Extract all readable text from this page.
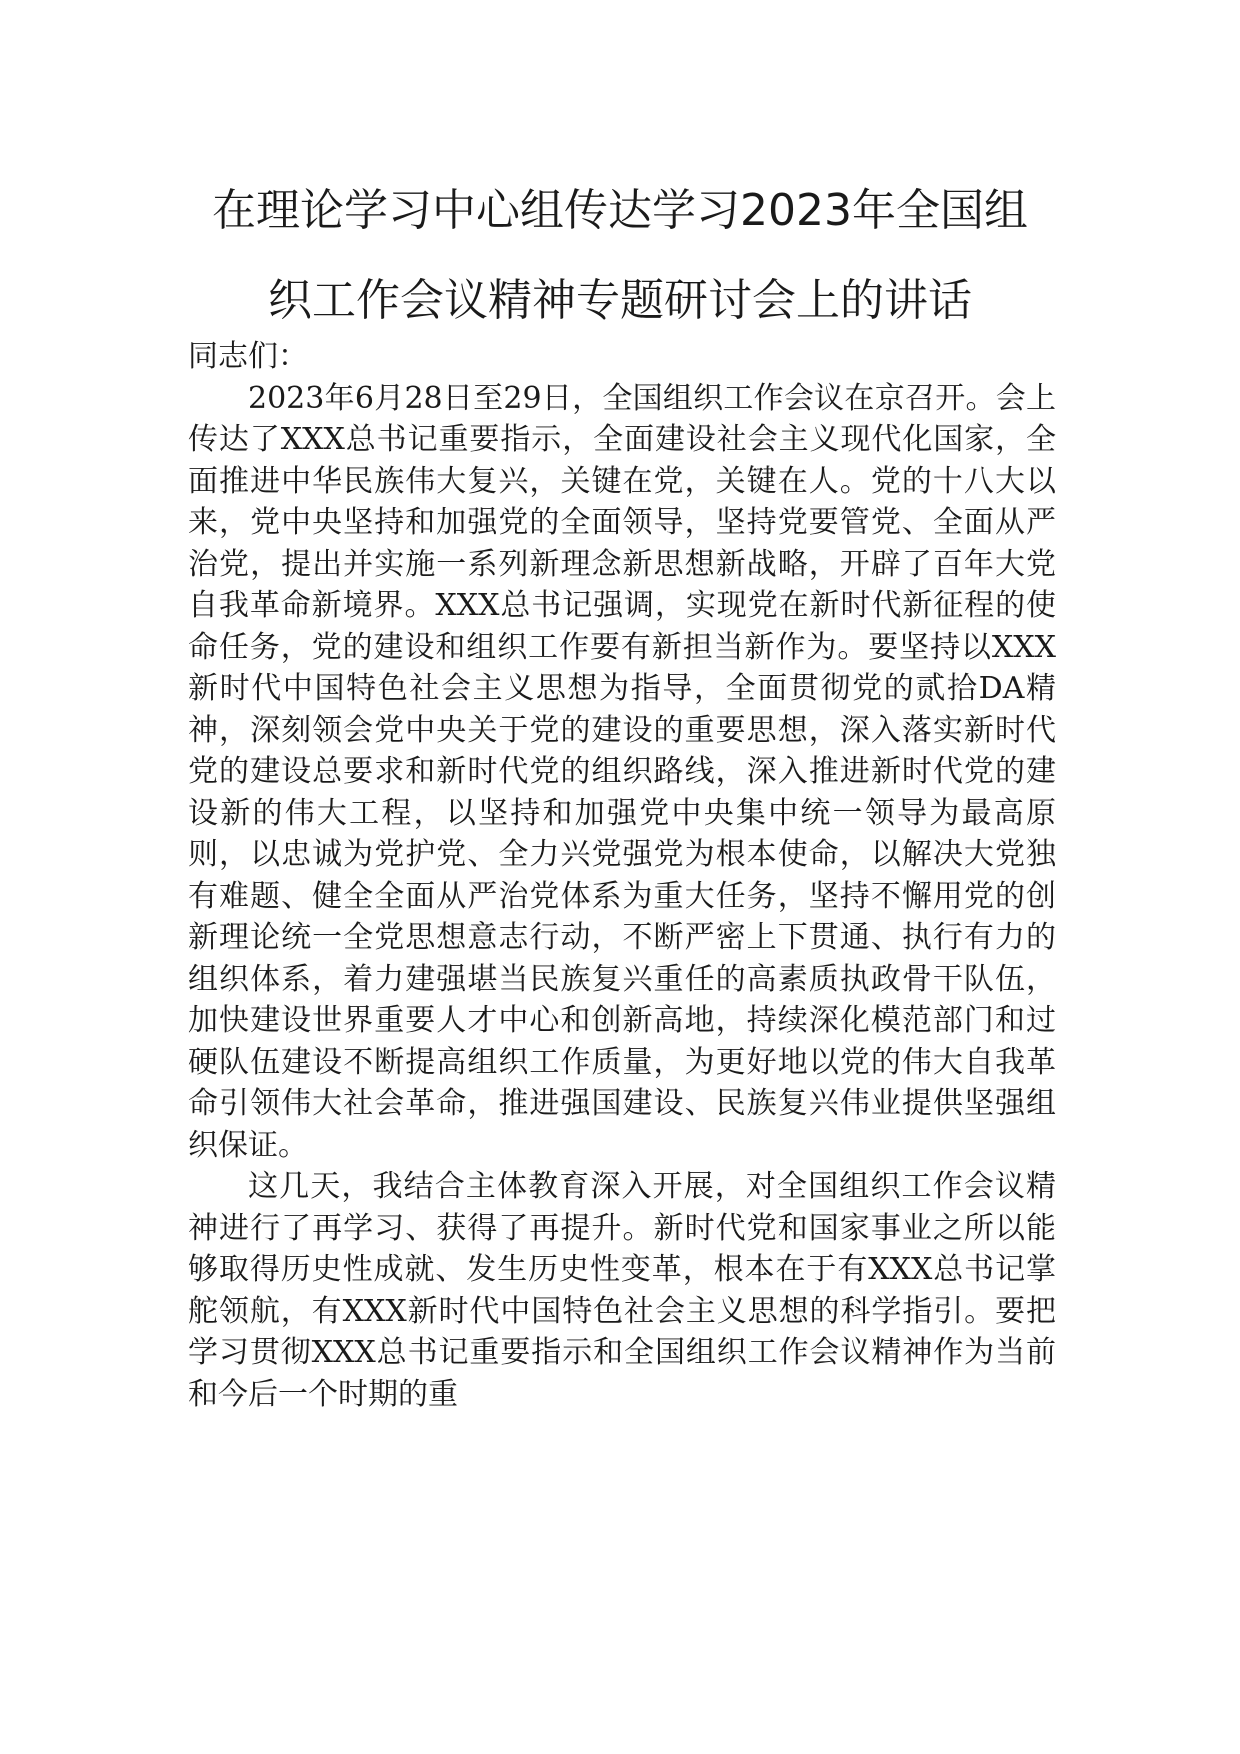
在理论学习中心组传达学习2023年全国组
织工作会议精神专题研讨会上的讲话

同志们：

2023年6月28日至29日，全国组织工作会议在京召开。会上传达了XXX总书记重要指示，全面建设社会主义现代化国家，全面推进中华民族伟大复兴，关键在党，关键在人。党的十八大以来，党中央坚持和加强党的全面领导，坚持党要管党、全面从严治党，提出并实施一系列新理念新思想新战略，开辟了百年大党自我革命新境界。XXX总书记强调，实现党在新时代新征程的使命任务，党的建设和组织工作要有新担当新作为。要坚持以XXX新时代中国特色社会主义思想为指导，全面贯彻党的贰拾DA精神，深刻领会党中央关于党的建设的重要思想，深入落实新时代党的建设总要求和新时代党的组织路线，深入推进新时代党的建设新的伟大工程，以坚持和加强党中央集中统一领导为最高原则，以忠诚为党护党、全力兴党强党为根本使命，以解决大党独有难题、健全全面从严治党体系为重大任务，坚持不懈用党的创新理论统一全党思想意志行动，不断严密上下贯通、执行有力的组织体系，着力建强堪当民族复兴重任的高素质执政骨干队伍，加快建设世界重要人才中心和创新高地，持续深化模范部门和过硬队伍建设不断提高组织工作质量，为更好地以党的伟大自我革命引领伟大社会革命，推进强国建设、民族复兴伟业提供坚强组织保证。

这几天，我结合主体教育深入开展，对全国组织工作会议精神进行了再学习、获得了再提升。新时代党和国家事业之所以能够取得历史性成就、发生历史性变革，根本在于有XXX总书记掌舵领航，有XXX新时代中国特色社会主义思想的科学指引。要把学习贯彻XXX总书记重要指示和全国组织工作会议精神作为当前和今后一个时期的重
